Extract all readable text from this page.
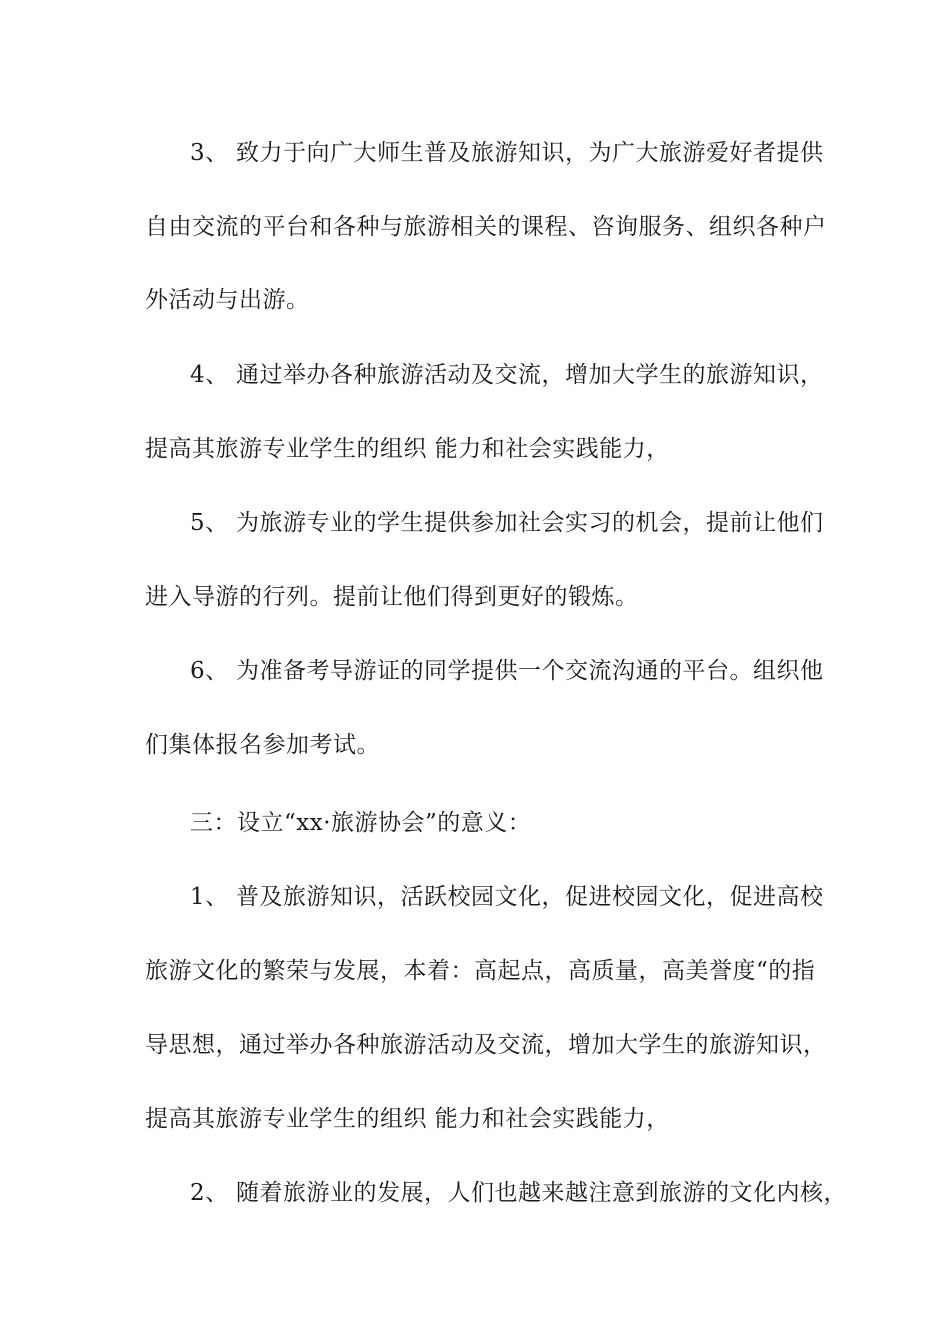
3、 致力于向广大师生普及旅游知识，为广大旅游爱好者提供
自由交流的平台和各种与旅游相关的课程、咨询服务、组织各种户
外活动与出游。
4、 通过举办各种旅游活动及交流，增加大学生的旅游知识，
提高其旅游专业学生的组织 能力和社会实践能力，
5、 为旅游专业的学生提供参加社会实习的机会，提前让他们
进入导游的行列。提前让他们得到更好的锻炼。
6、 为准备考导游证的同学提供一个交流沟通的平台。组织他
们集体报名参加考试。
三：设立“xx·旅游协会”的意义：
1、 普及旅游知识，活跃校园文化，促进校园文化，促进高校
旅游文化的繁荣与发展，本着：高起点，高质量，高美誉度“的指
导思想，通过举办各种旅游活动及交流，增加大学生的旅游知识，
提高其旅游专业学生的组织 能力和社会实践能力，
2、 随着旅游业的发展，人们也越来越注意到旅游的文化内核，
